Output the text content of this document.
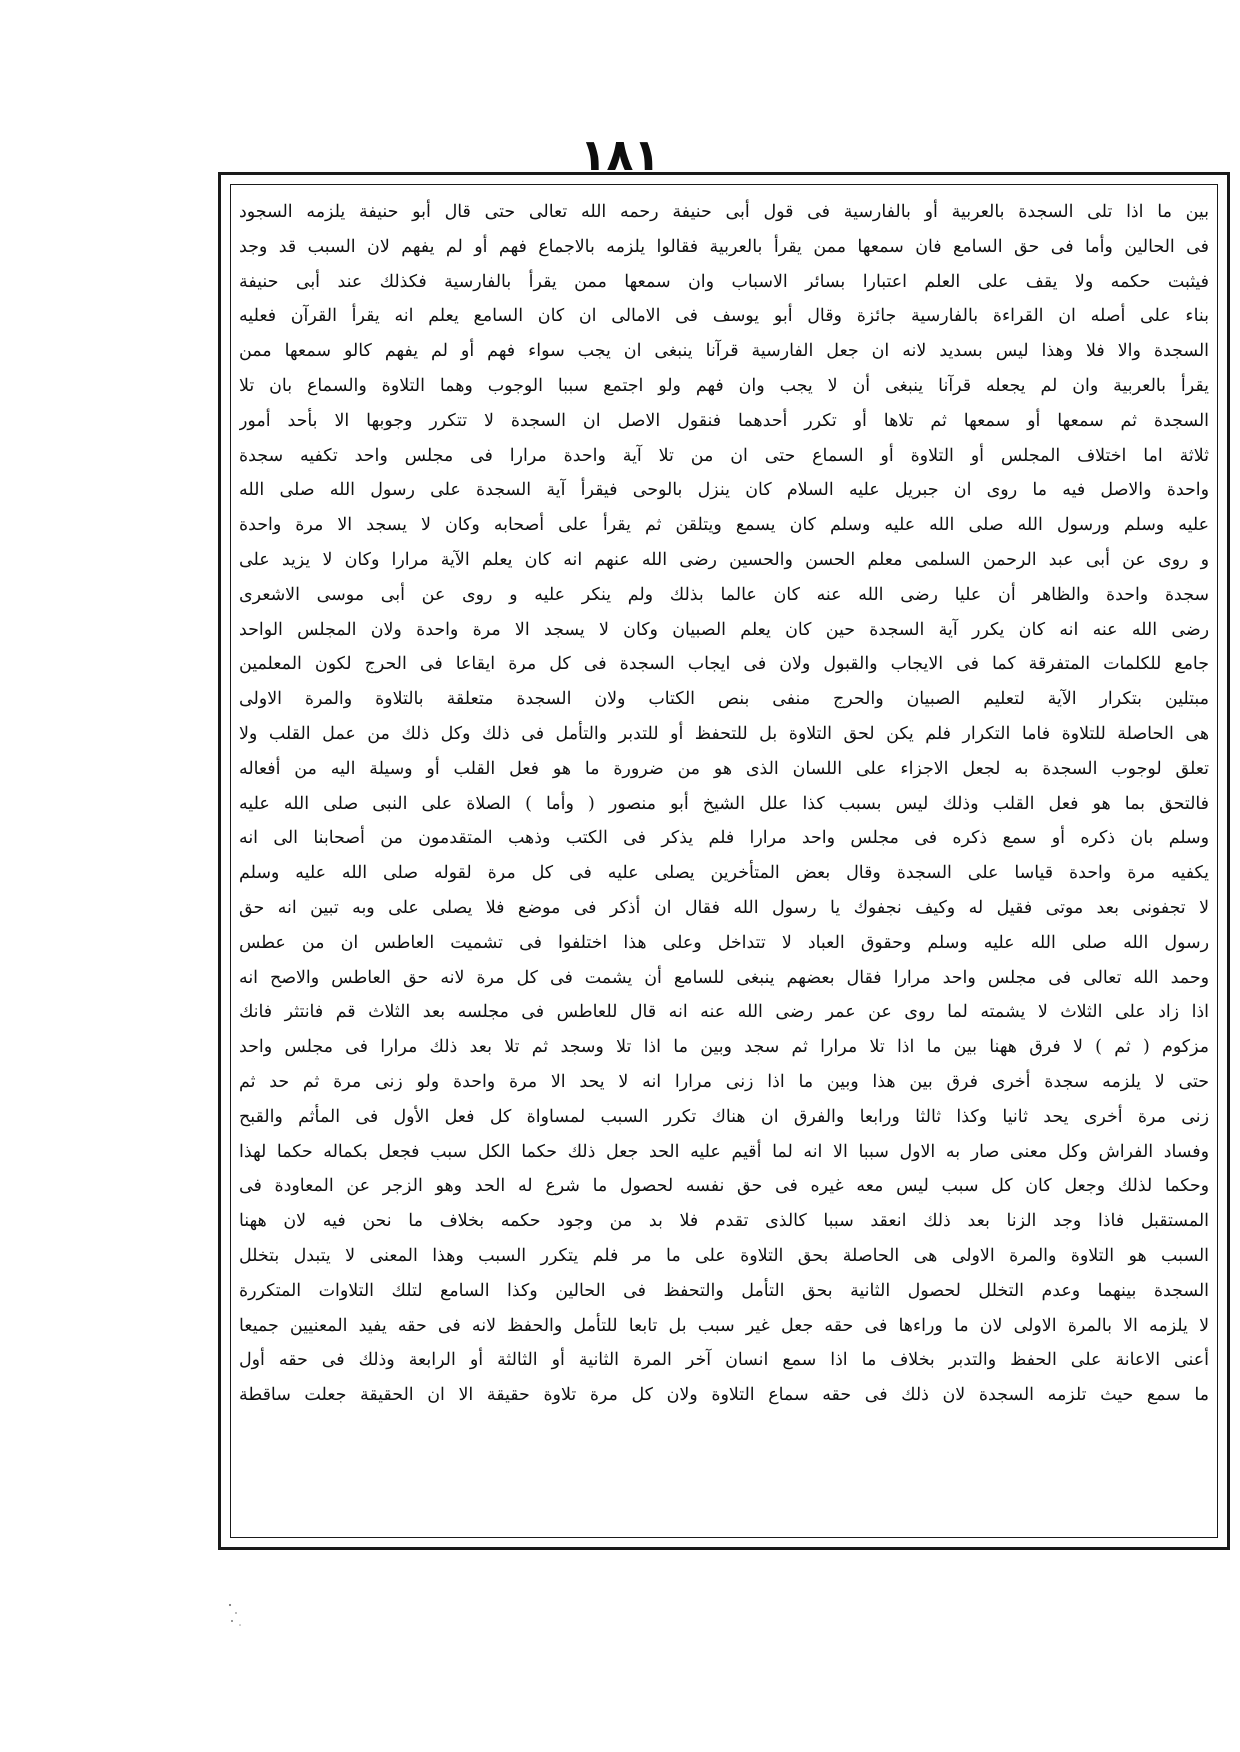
١٨١
بين ما اذا تلى السجدة بالعربية أو بالفارسية فى قول أبى حنيفة رحمه الله تعالى حتى قال أبو حنيفة يلزمه السجود
فى الحالين وأما فى حق السامع فان سمعها ممن يقرأ بالعربية فقالوا يلزمه بالاجماع فهم أو لم يفهم لان السبب قد وجد
فيثبت حكمه ولا يقف على العلم اعتبارا بسائر الاسباب وان سمعها ممن يقرأ بالفارسية فكذلك عند أبى حنيفة
بناء على أصله ان القراءة بالفارسية جائزة وقال أبو يوسف فى الامالى ان كان السامع يعلم انه يقرأ القرآن فعليه
السجدة والا فلا وهذا ليس بسديد لانه ان جعل الفارسية قرآنا ينبغى ان يجب سواء فهم أو لم يفهم كالو سمعها ممن
يقرأ بالعربية وان لم يجعله قرآنا ينبغى أن لا يجب وان فهم ولو اجتمع سببا الوجوب وهما التلاوة والسماع بان تلا
السجدة ثم سمعها أو سمعها ثم تلاها أو تكرر أحدهما فنقول الاصل ان السجدة لا تتكرر وجوبها الا بأحد أمور
ثلاثة اما اختلاف المجلس أو التلاوة أو السماع حتى ان من تلا آية واحدة مرارا فى مجلس واحد تكفيه سجدة
واحدة والاصل فيه ما روى ان جبريل عليه السلام كان ينزل بالوحى فيقرأ آية السجدة على رسول الله صلى الله
عليه وسلم ورسول الله صلى الله عليه وسلم كان يسمع ويتلقن ثم يقرأ على أصحابه وكان لا يسجد الا مرة واحدة
و روى عن أبى عبد الرحمن السلمى معلم الحسن والحسين رضى الله عنهم انه كان يعلم الآية مرارا وكان لا يزيد على
سجدة واحدة والظاهر أن عليا رضى الله عنه كان عالما بذلك ولم ينكر عليه و روى عن أبى موسى الاشعرى
رضى الله عنه انه كان يكرر آية السجدة حين كان يعلم الصبيان وكان لا يسجد الا مرة واحدة ولان المجلس الواحد
جامع للكلمات المتفرقة كما فى الايجاب والقبول ولان فى ايجاب السجدة فى كل مرة ايقاعا فى الحرج لكون المعلمين
مبتلين بتكرار الآية لتعليم الصبيان والحرج منفى بنص الكتاب ولان السجدة متعلقة بالتلاوة والمرة الاولى
هى الحاصلة للتلاوة فاما التكرار فلم يكن لحق التلاوة بل للتحفظ أو للتدبر والتأمل فى ذلك وكل ذلك من عمل القلب ولا
تعلق لوجوب السجدة به لجعل الاجزاء على اللسان الذى هو من ضرورة ما هو فعل القلب أو وسيلة اليه من أفعاله
فالتحق بما هو فعل القلب وذلك ليس بسبب كذا علل الشيخ أبو منصور ( وأما ) الصلاة على النبى صلى الله عليه
وسلم بان ذكره أو سمع ذكره فى مجلس واحد مرارا فلم يذكر فى الكتب وذهب المتقدمون من أصحابنا الى انه
يكفيه مرة واحدة قياسا على السجدة وقال بعض المتأخرين يصلى عليه فى كل مرة لقوله صلى الله عليه وسلم
لا تجفونى بعد موتى فقيل له وكيف نجفوك يا رسول الله فقال ان أذكر فى موضع فلا يصلى على وبه تبين انه حق
رسول الله صلى الله عليه وسلم وحقوق العباد لا تتداخل وعلى هذا اختلفوا فى تشميت العاطس ان من عطس
وحمد الله تعالى فى مجلس واحد مرارا فقال بعضهم ينبغى للسامع أن يشمت فى كل مرة لانه حق العاطس والاصح انه
اذا زاد على الثلاث لا يشمته لما روى عن عمر رضى الله عنه انه قال للعاطس فى مجلسه بعد الثلاث قم فانتثر فانك
مزكوم ( ثم ) لا فرق ههنا بين ما اذا تلا مرارا ثم سجد وبين ما اذا تلا وسجد ثم تلا بعد ذلك مرارا فى مجلس واحد
حتى لا يلزمه سجدة أخرى فرق بين هذا وبين ما اذا زنى مرارا انه لا يحد الا مرة واحدة ولو زنى مرة ثم حد ثم
زنى مرة أخرى يحد ثانيا وكذا ثالثا ورابعا والفرق ان هناك تكرر السبب لمساواة كل فعل الأول فى المأثم والقبح
وفساد الفراش وكل معنى صار به الاول سببا الا انه لما أقيم عليه الحد جعل ذلك حكما الكل سبب فجعل بكماله حكما لهذا
وحكما لذلك وجعل كان كل سبب ليس معه غيره فى حق نفسه لحصول ما شرع له الحد وهو الزجر عن المعاودة فى
المستقبل فاذا وجد الزنا بعد ذلك انعقد سببا كالذى تقدم فلا بد من وجود حكمه بخلاف ما نحن فيه لان ههنا
السبب هو التلاوة والمرة الاولى هى الحاصلة بحق التلاوة على ما مر فلم يتكرر السبب وهذا المعنى لا يتبدل بتخلل
السجدة بينهما وعدم التخلل لحصول الثانية بحق التأمل والتحفظ فى الحالين وكذا السامع لتلك التلاوات المتكررة
لا يلزمه الا بالمرة الاولى لان ما وراءها فى حقه جعل غير سبب بل تابعا للتأمل والحفظ لانه فى حقه يفيد المعنيين جميعا
أعنى الاعانة على الحفظ والتدبر بخلاف ما اذا سمع انسان آخر المرة الثانية أو الثالثة أو الرابعة وذلك فى حقه أول
ما سمع حيث تلزمه السجدة لان ذلك فى حقه سماع التلاوة ولان كل مرة تلاوة حقيقة الا ان الحقيقة جعلت ساقطة
